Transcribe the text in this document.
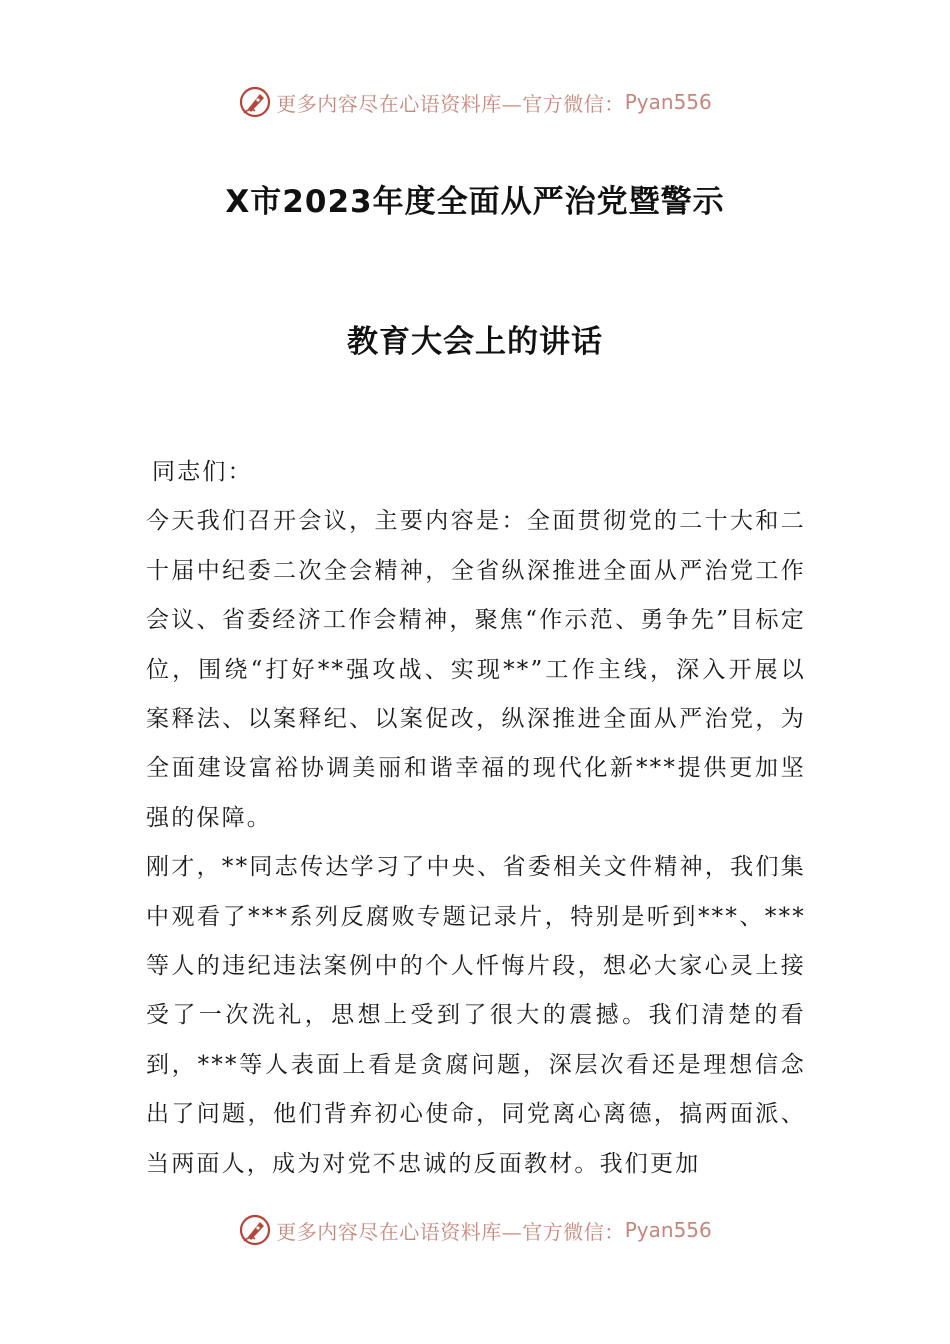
更多内容尽在心语资料库—官方微信： Pyan556
X市2023年度全面从严治党暨警示
教育大会上的讲话

同志们：

今天我们召开会议，主要内容是：全面贯彻党的二十大和二十届中纪委二次全会精神，全省纵深推进全面从严治党工作会议、省委经济工作会精神，聚焦“作示范、勇争先”目标定位，围绕“打好**强攻战、实现**”工作主线，深入开展以案释法、以案释纪、以案促改，纵深推进全面从严治党，为全面建设富裕协调美丽和谐幸福的现代化新***提供更加坚强的保障。

刚才，**同志传达学习了中央、省委相关文件精神，我们集中观看了***系列反腐败专题记录片，特别是听到***、***等人的违纪违法案例中的个人忏悔片段，想必大家心灵上接受了一次洗礼，思想上受到了很大的震撼。我们清楚的看到，***等人表面上看是贪腐问题，深层次看还是理想信念出了问题，他们背弃初心使命，同党离心离德，搞两面派、当两面人，成为对党不忠诚的反面教材。我们更加

更多内容尽在心语资料库—官方微信： Pyan556
